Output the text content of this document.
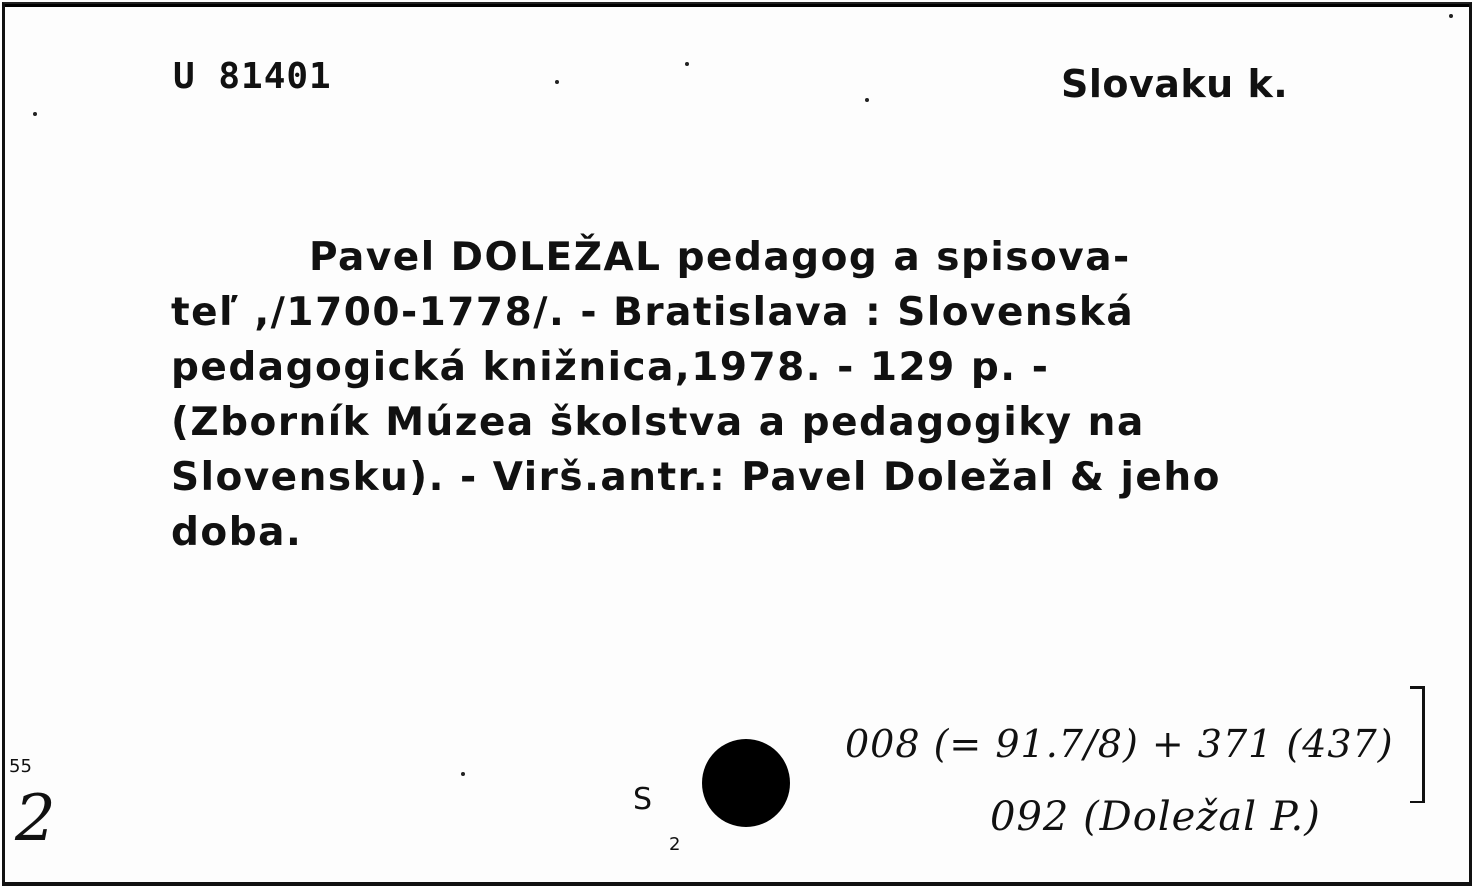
U 81401	Slovaku k.
Pavel DOLEŽAL pedagog a spisova-
teľ ,/1700-1778/. - Bratislava : Slovenská
pedagogická knižnica,1978. - 129 p. -
(Zborník Múzea školstva a pedagogiky na
Slovensku). - Virš.antr.: Pavel Doležal & jeho
doba.
008 (= 91.7/8) + 371 (437)
092 (Doležal P.)
2
55
S
2
